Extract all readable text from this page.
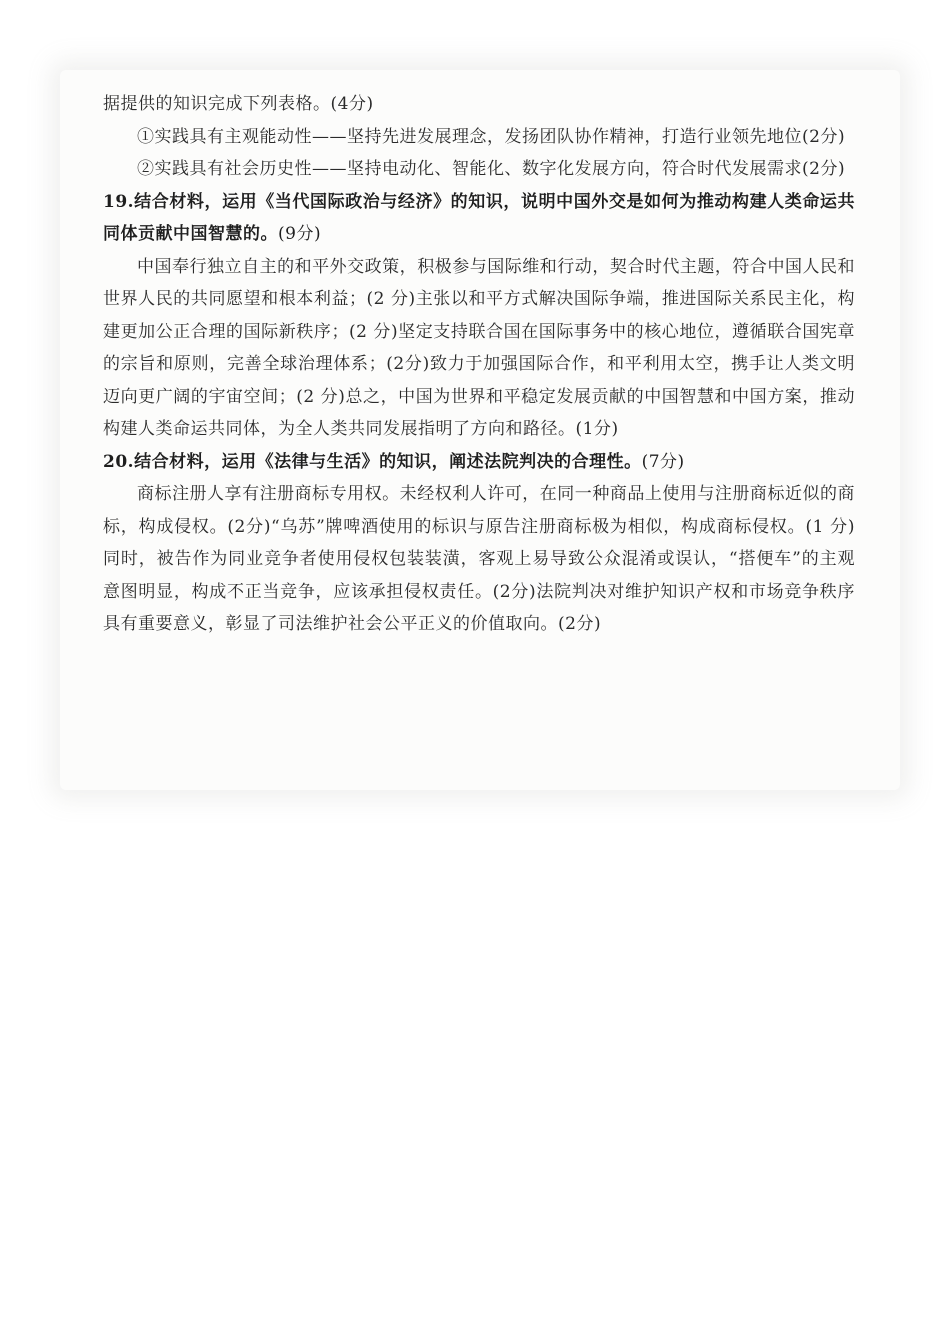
据提供的知识完成下列表格。(4分)

①实践具有主观能动性——坚持先进发展理念，发扬团队协作精神，打造行业领先地位(2分)

②实践具有社会历史性——坚持电动化、智能化、数字化发展方向，符合时代发展需求(2分)

19.结合材料，运用《当代国际政治与经济》的知识，说明中国外交是如何为推动构建人类命运共同体贡献中国智慧的。(9分)

中国奉行独立自主的和平外交政策，积极参与国际维和行动，契合时代主题，符合中国人民和世界人民的共同愿望和根本利益；(2 分)主张以和平方式解决国际争端，推进国际关系民主化，构建更加公正合理的国际新秩序；(2 分)坚定支持联合国在国际事务中的核心地位，遵循联合国宪章的宗旨和原则，完善全球治理体系；(2分)致力于加强国际合作，和平利用太空，携手让人类文明迈向更广阔的宇宙空间；(2 分)总之，中国为世界和平稳定发展贡献的中国智慧和中国方案，推动构建人类命运共同体，为全人类共同发展指明了方向和路径。(1分)

20.结合材料，运用《法律与生活》的知识，阐述法院判决的合理性。(7分)

商标注册人享有注册商标专用权。未经权利人许可，在同一种商品上使用与注册商标近似的商标，构成侵权。(2分)“乌苏”牌啤酒使用的标识与原告注册商标极为相似，构成商标侵权。(1 分)同时，被告作为同业竞争者使用侵权包装装潢，客观上易导致公众混淆或误认，“搭便车”的主观意图明显，构成不正当竞争，应该承担侵权责任。(2分)法院判决对维护知识产权和市场竞争秩序具有重要意义，彰显了司法维护社会公平正义的价值取向。(2分)
